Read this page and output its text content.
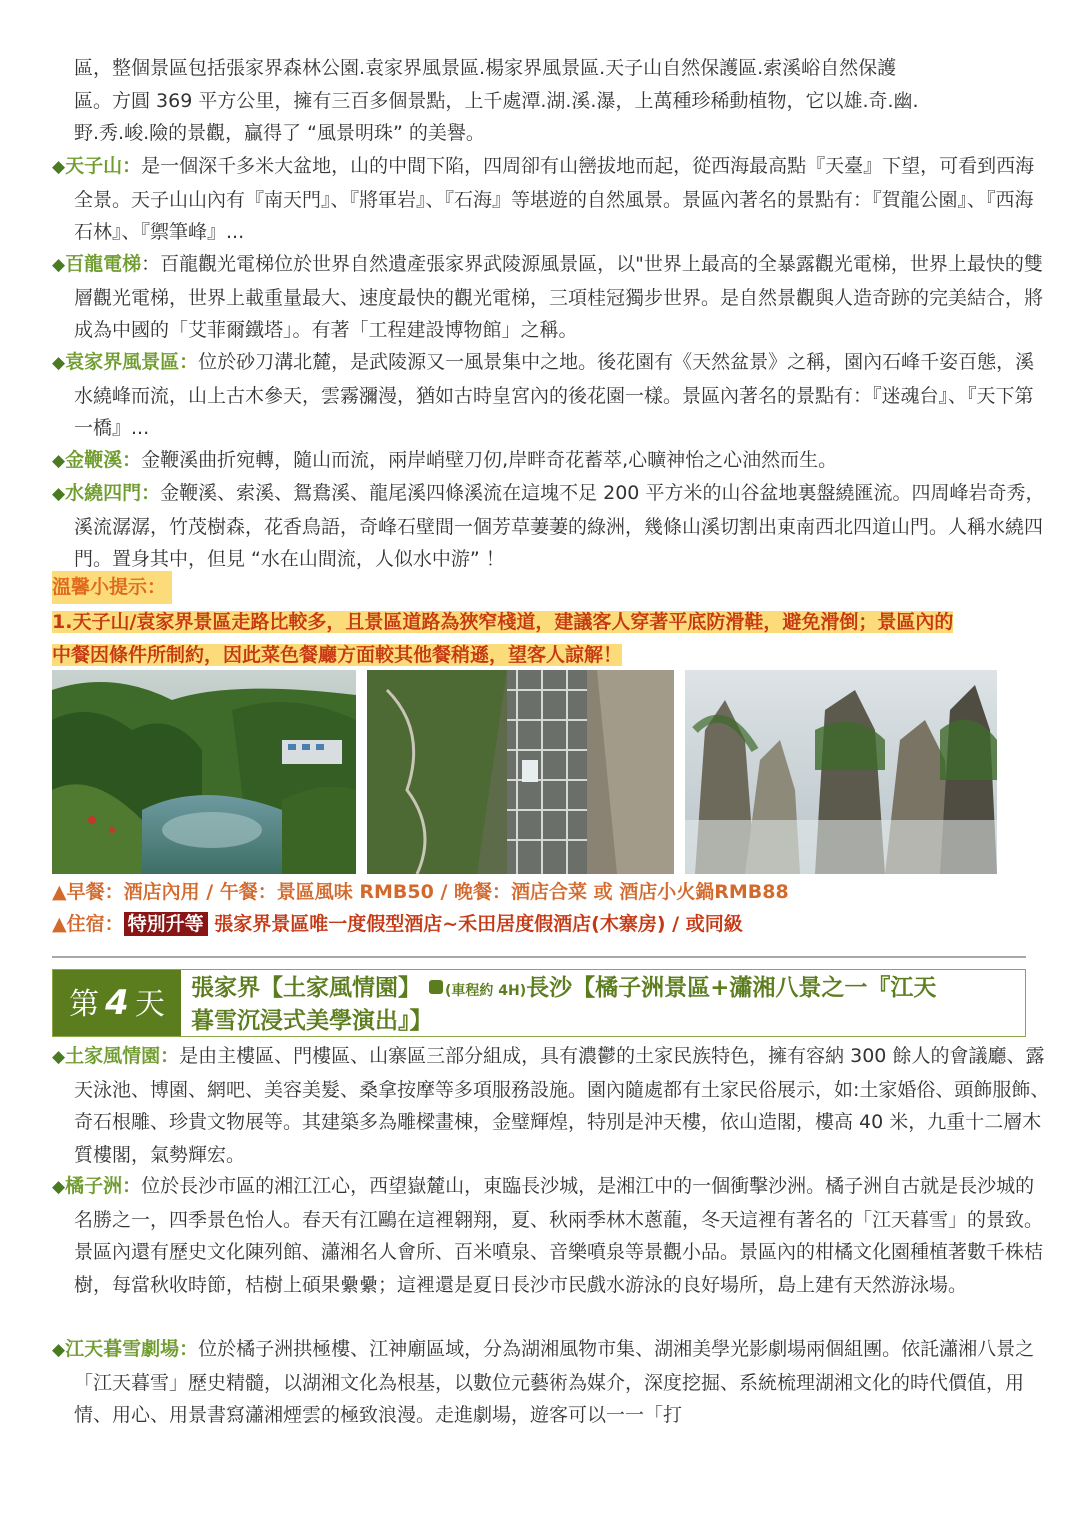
區，整個景區包括張家界森林公園.袁家界風景區.楊家界風景區.天子山自然保護區.索溪峪自然保護
區。方圓 369 平方公里，擁有三百多個景點，上千處潭.湖.溪.瀑，上萬種珍稀動植物，它以雄.奇.幽.
野.秀.峻.險的景觀，贏得了 “風景明珠” 的美譽。
◆天子山：是一個深千多米大盆地，山的中間下陷，四周卻有山巒拔地而起，從西海最高點『天臺』下望，可看到西海全景。天子山山內有『南天門』、『將軍岩』、『石海』等堪遊的自然風景。景區內著名的景點有：『賀龍公園』、『西海石林』、『禦筆峰』...
◆百龍電梯：百龍觀光電梯位於世界自然遺產張家界武陵源風景區，以"世界上最高的全暴露觀光電梯，世界上最快的雙層觀光電梯，世界上載重量最大、速度最快的觀光電梯，三項桂冠獨步世界。是自然景觀與人造奇跡的完美結合，將成為中國的「艾菲爾鐵塔」。有著「工程建設博物館」之稱。
◆袁家界風景區：位於砂刀溝北麓，是武陵源又一風景集中之地。後花園有《天然盆景》之稱，園內石峰千姿百態，溪水繞峰而流，山上古木參天，雲霧瀰漫，猶如古時皇宮內的後花園一樣。景區內著名的景點有：『迷魂台』、『天下第一橋』...
◆金鞭溪：金鞭溪曲折宛轉，隨山而流，兩岸峭壁刀仞,岸畔奇花蓄萃,心曠神怡之心油然而生。
◆水繞四門：金鞭溪、索溪、鴛鴦溪、龍尾溪四條溪流在這塊不足 200 平方米的山谷盆地裏盤繞匯流。四周峰岩奇秀，溪流潺潺，竹茂樹森，花香鳥語，奇峰石壁間一個芳草萋萋的綠洲，幾條山溪切割出東南西北四道山門。人稱水繞四門。置身其中，但見 “水在山間流，人似水中游” ！
溫馨小提示：
1.天子山/袁家界景區走路比較多，且景區道路為狹窄棧道，建議客人穿著平底防滑鞋，避免滑倒；景區內的
中餐因條件所制約，因此菜色餐廳方面較其他餐稍遜，望客人諒解！
▲早餐：酒店內用 / 午餐：景區風味 RMB50 / 晚餐：酒店合菜 或 酒店小火鍋RMB88
▲住宿： 特別升等 張家界景區唯一度假型酒店~禾田居度假酒店(木寨房) / 或同級
第 4 天	張家界【土家風情園】 (車程約 4H)長沙【橘子洲景區+瀟湘八景之一『江天
暮雪沉浸式美學演出』】
◆土家風情園：是由主樓區、門樓區、山寨區三部分組成，具有濃鬱的土家民族特色，擁有容納 300 餘人的會議廳、露天泳池、博園、網吧、美容美髮、桑拿按摩等多項服務設施。園內隨處都有土家民俗展示，如:土家婚俗、頭飾服飾、奇石根雕、珍貴文物展等。其建築多為雕樑畫棟，金璧輝煌，特別是沖天樓，依山造閣，樓高 40 米，九重十二層木質樓閣，氣勢輝宏。
◆橘子洲：位於長沙市區的湘江江心，西望嶽麓山，東臨長沙城，是湘江中的一個衝擊沙洲。橘子洲自古就是長沙城的名勝之一，四季景色怡人。春天有江鷗在這裡翱翔，夏、秋兩季林木蔥蘢，冬天這裡有著名的「江天暮雪」的景致。景區內還有歷史文化陳列館、瀟湘名人會所、百米噴泉、音樂噴泉等景觀小品。景區內的柑橘文化園種植著數千株桔樹，每當秋收時節，桔樹上碩果纍纍；這裡還是夏日長沙市民戲水游泳的良好場所，島上建有天然游泳場。
◆江天暮雪劇場：位於橘子洲拱極樓、江神廟區域，分為湖湘風物市集、湖湘美學光影劇場兩個組團。依託瀟湘八景之「江天暮雪」歷史精髓，以湖湘文化為根基，以數位元藝術為媒介，深度挖掘、系統梳理湖湘文化的時代價值，用情、用心、用景書寫瀟湘煙雲的極致浪漫。走進劇場，遊客可以一一「打
